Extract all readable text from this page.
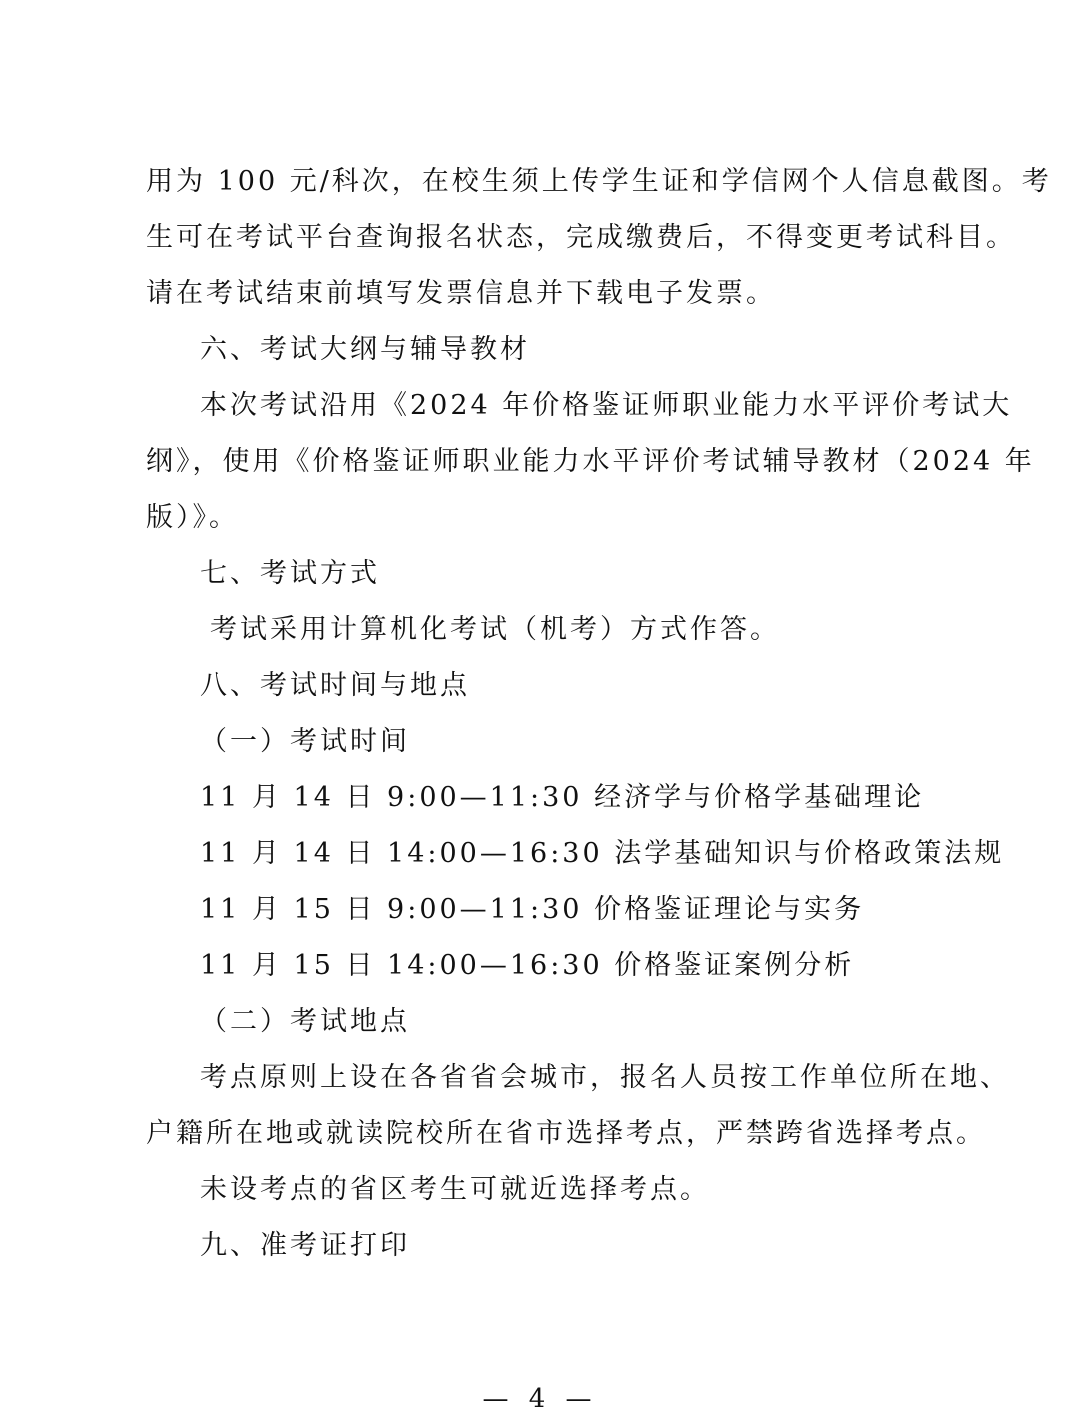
用为 100 元/科次，在校生须上传学生证和学信网个人信息截图。考
生可在考试平台查询报名状态，完成缴费后，不得变更考试科目。
请在考试结束前填写发票信息并下载电子发票。
六、考试大纲与辅导教材
本次考试沿用《2024 年价格鉴证师职业能力水平评价考试大
纲》，使用《价格鉴证师职业能力水平评价考试辅导教材（2024 年
版）》。
七、考试方式
考试采用计算机化考试（机考）方式作答。
八、考试时间与地点
（一）考试时间
11 月 14 日 9:00—11:30 经济学与价格学基础理论
11 月 14 日 14:00—16:30 法学基础知识与价格政策法规
11 月 15 日 9:00—11:30 价格鉴证理论与实务
11 月 15 日 14:00—16:30 价格鉴证案例分析
（二）考试地点
考点原则上设在各省省会城市，报名人员按工作单位所在地、
户籍所在地或就读院校所在省市选择考点，严禁跨省选择考点。
未设考点的省区考生可就近选择考点。
九、准考证打印
— 4 —
